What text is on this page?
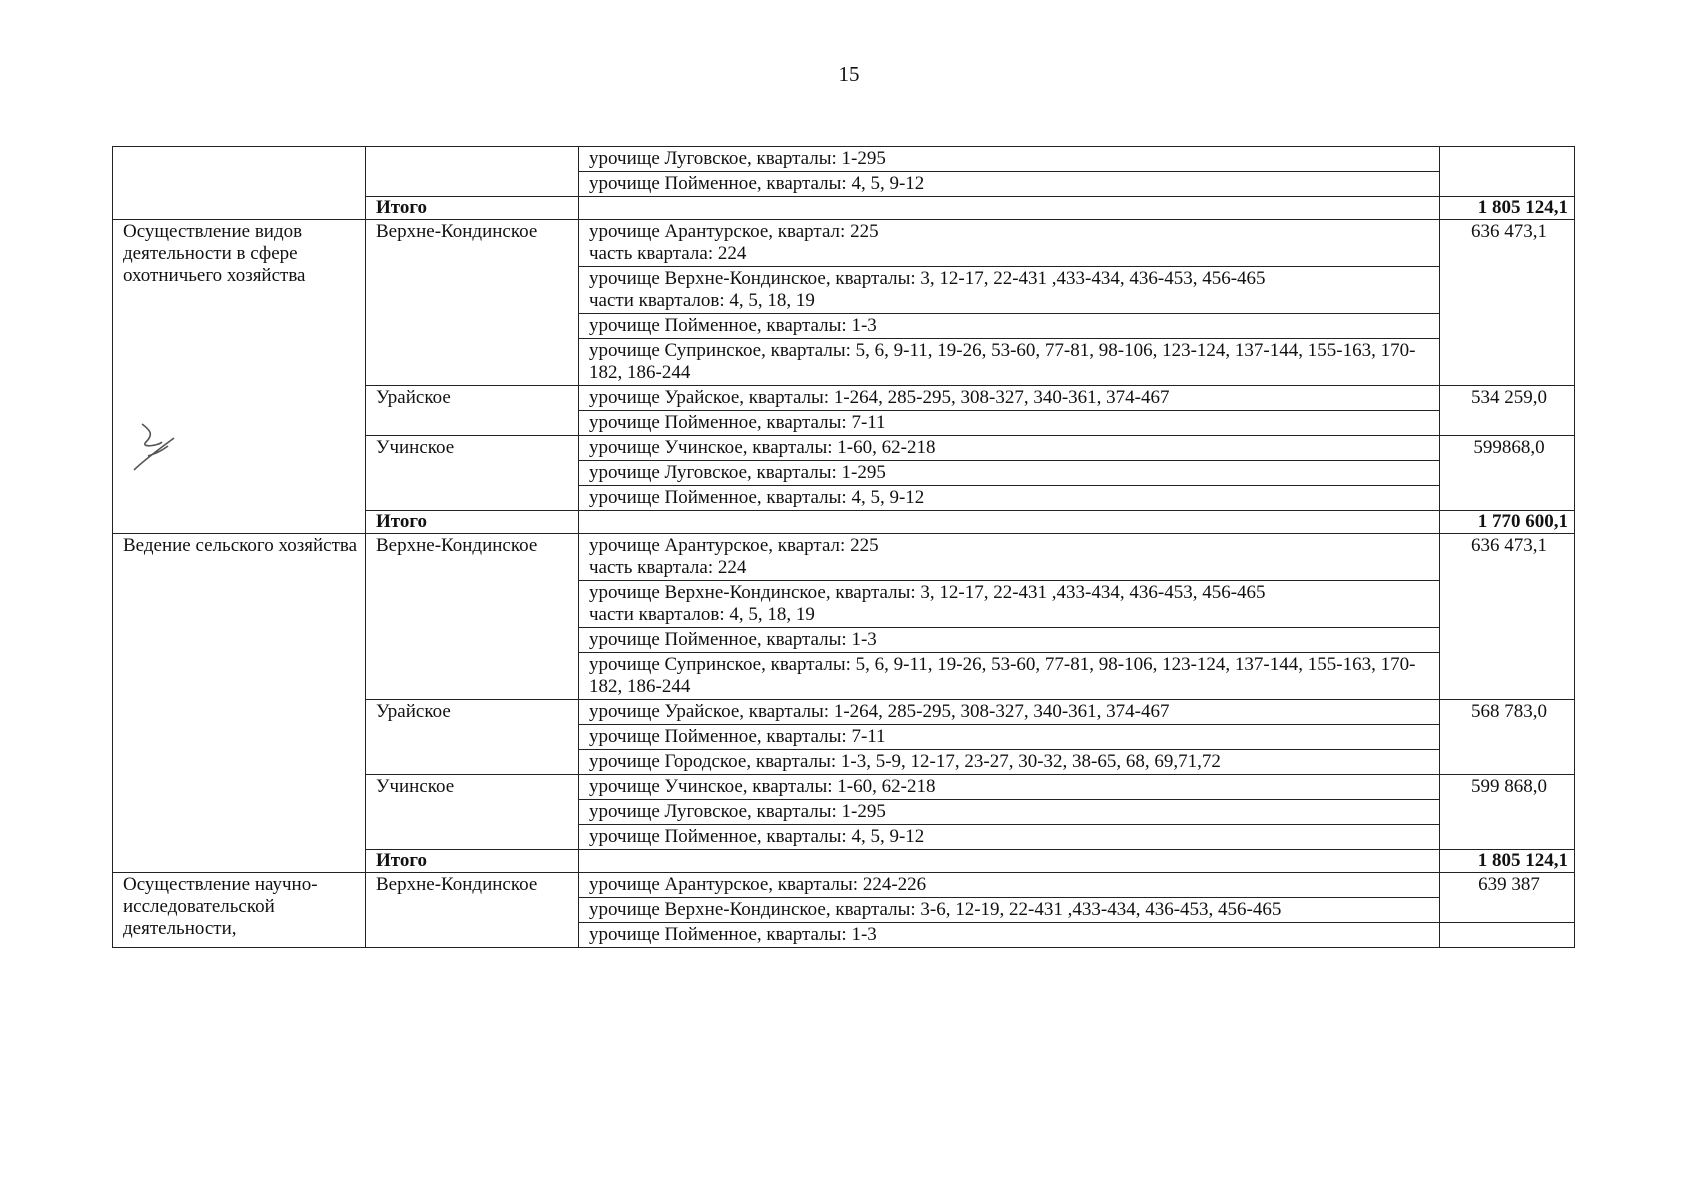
15
		урочище Луговское, кварталы: 1-295	
		урочище Пойменное, кварталы: 4, 5, 9-12	
	Итого		1 805 124,1
Осуществление видов деятельности в сфере охотничьего хозяйства	Верхне-Кондинское	урочище Арантурское, квартал: 225
часть квартала: 224	636 473,1
		урочище Верхне-Кондинское, кварталы: 3, 12-17, 22-431 ,433-434, 436-453, 456-465
части кварталов: 4, 5, 18, 19	
		урочище Пойменное, кварталы: 1-3	
		урочище Супринское, кварталы: 5, 6, 9-11, 19-26, 53-60, 77-81, 98-106, 123-124, 137-144, 155-163, 170-182, 186-244	
	Урайское	урочище Урайское, кварталы: 1-264, 285-295, 308-327, 340-361, 374-467	534 259,0
		урочище Пойменное, кварталы: 7-11	
	Учинское	урочище Учинское, кварталы: 1-60, 62-218	599868,0
		урочище Луговское, кварталы: 1-295	
		урочище Пойменное, кварталы: 4, 5, 9-12	
	Итого		1 770 600,1
Ведение сельского хозяйства	Верхне-Кондинское	урочище Арантурское, квартал: 225
часть квартала: 224	636 473,1
		урочище Верхне-Кондинское, кварталы: 3, 12-17, 22-431 ,433-434, 436-453, 456-465
части кварталов: 4, 5, 18, 19	
		урочище Пойменное, кварталы: 1-3	
		урочище Супринское, кварталы: 5, 6, 9-11, 19-26, 53-60, 77-81, 98-106, 123-124, 137-144, 155-163, 170-182, 186-244	
	Урайское	урочище Урайское, кварталы: 1-264, 285-295, 308-327, 340-361, 374-467	568 783,0
		урочище Пойменное, кварталы: 7-11	
		урочище Городское, кварталы: 1-3, 5-9, 12-17, 23-27, 30-32, 38-65, 68, 69,71,72	
	Учинское	урочище Учинское, кварталы: 1-60, 62-218	599 868,0
		урочище Луговское, кварталы: 1-295	
		урочище Пойменное, кварталы: 4, 5, 9-12	
	Итого		1 805 124,1
Осуществление научно-исследовательской деятельности,	Верхне-Кондинское	урочище Арантурское, кварталы: 224-226	639 387
		урочище Верхне-Кондинское, кварталы: 3-6, 12-19, 22-431 ,433-434, 436-453, 456-465	
		урочище Пойменное, кварталы: 1-3	
